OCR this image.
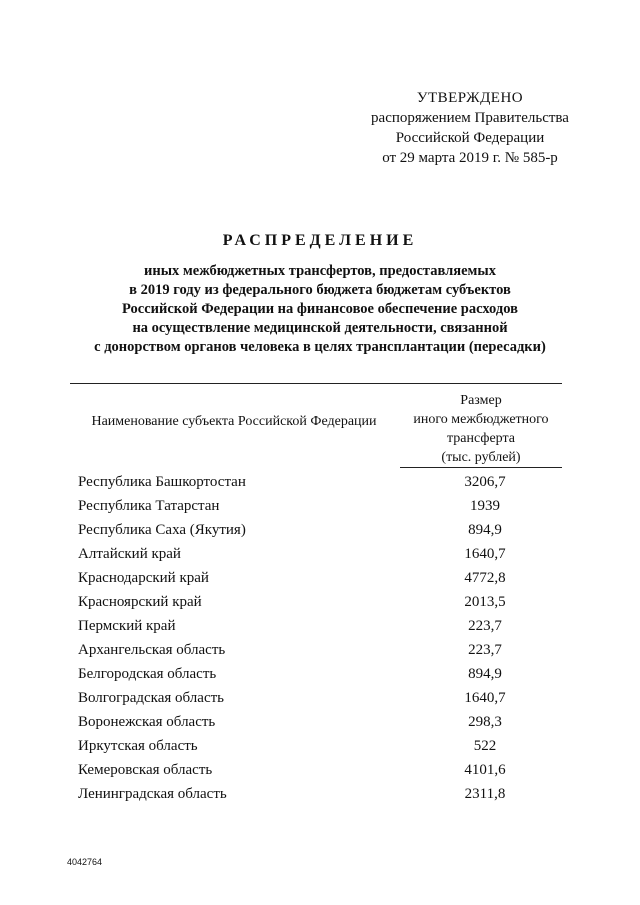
УТВЕРЖДЕНО
распоряжением Правительства
Российской Федерации
от 29 марта 2019 г. № 585-р
РАСПРЕДЕЛЕНИЕ
иных межбюджетных трансфертов, предоставляемых
в 2019 году из федерального бюджета бюджетам субъектов
Российской Федерации на финансовое обеспечение расходов
на осуществление медицинской деятельности, связанной
с донорством органов человека в целях трансплантации (пересадки)
Наименование субъекта Российской Федерации
Размер
иного межбюджетного
трансферта
(тыс. рублей)
Республика Башкортостан	3206,7
Республика Татарстан	1939
Республика Саха (Якутия)	894,9
Алтайский край	1640,7
Краснодарский край	4772,8
Красноярский край	2013,5
Пермский край	223,7
Архангельская область	223,7
Белгородская область	894,9
Волгоградская область	1640,7
Воронежская область	298,3
Иркутская область	522
Кемеровская область	4101,6
Ленинградская область	2311,8
4042764
